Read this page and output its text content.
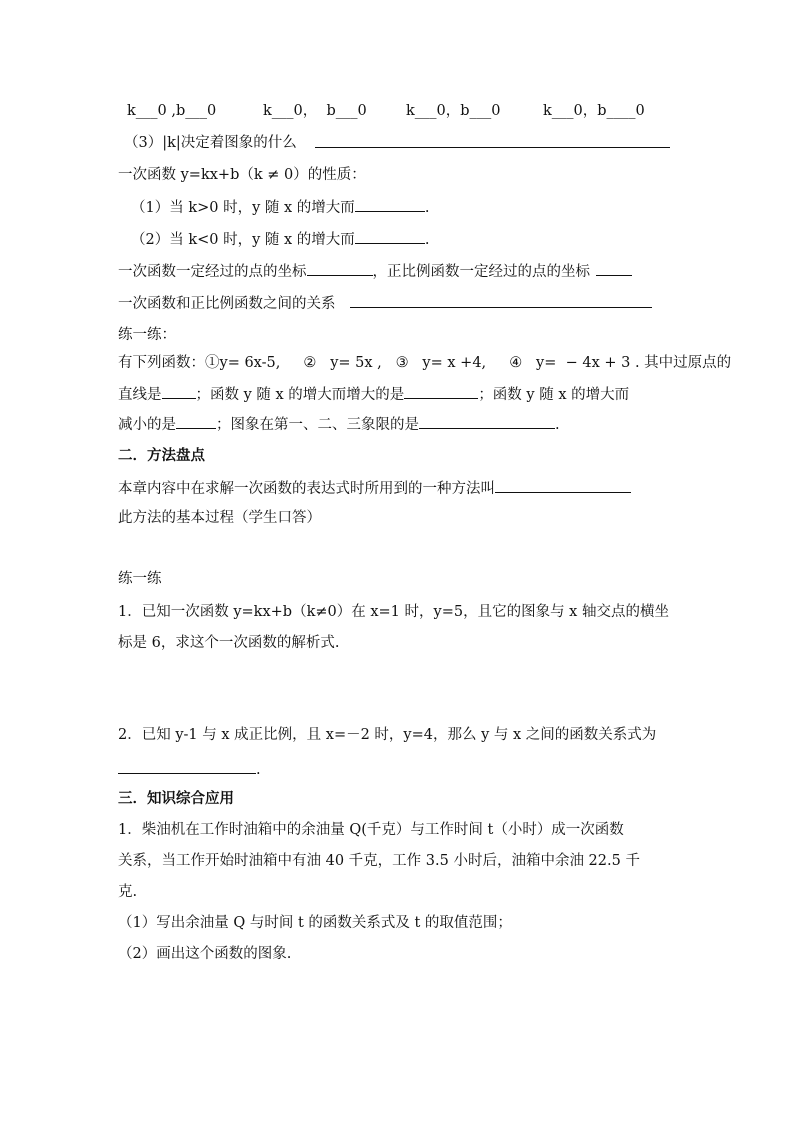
k___0 ,b___0	k___0，  b___0	k___0，b___0	k___0，b____0
（3）|k|决定着图象的什么
一次函数 y=kx+b（k ≠ 0）的性质：
（1）当 k>0 时，y 随 x 的增大而	.
（2）当 k<0 时，y 随 x 的增大而	.
一次函数一定经过的点的坐标	，正比例函数一定经过的点的坐标
一次函数和正比例函数之间的关系
练一练：
有下列函数：①y= 6x-5,     ②   y= 5x ,   ③   y= x +4,     ④   y=  − 4x + 3 . 其中过原点的
直线是 ；函数 y 随 x 的增大而增大的是	；函数 y 随 x 的增大而
减小的是	；图象在第一、二、三象限的是	.
二．方法盘点
本章内容中在求解一次函数的表达式时所用到的一种方法叫
此方法的基本过程（学生口答）
练一练
1．已知一次函数 y=kx+b（k≠0）在 x=1 时，y=5，且它的图象与 x 轴交点的横坐
标是 6，求这个一次函数的解析式.
2．已知 y-1 与 x 成正比例，且 x=－2 时，y=4，那么 y 与 x 之间的函数关系式为
.
三．知识综合应用
1．柴油机在工作时油箱中的余油量 Q(千克）与工作时间 t（小时）成一次函数
关系，当工作开始时油箱中有油 40 千克，工作 3.5 小时后，油箱中余油 22.5 千
克.
（1）写出余油量 Q 与时间 t 的函数关系式及 t 的取值范围；
（2）画出这个函数的图象.
